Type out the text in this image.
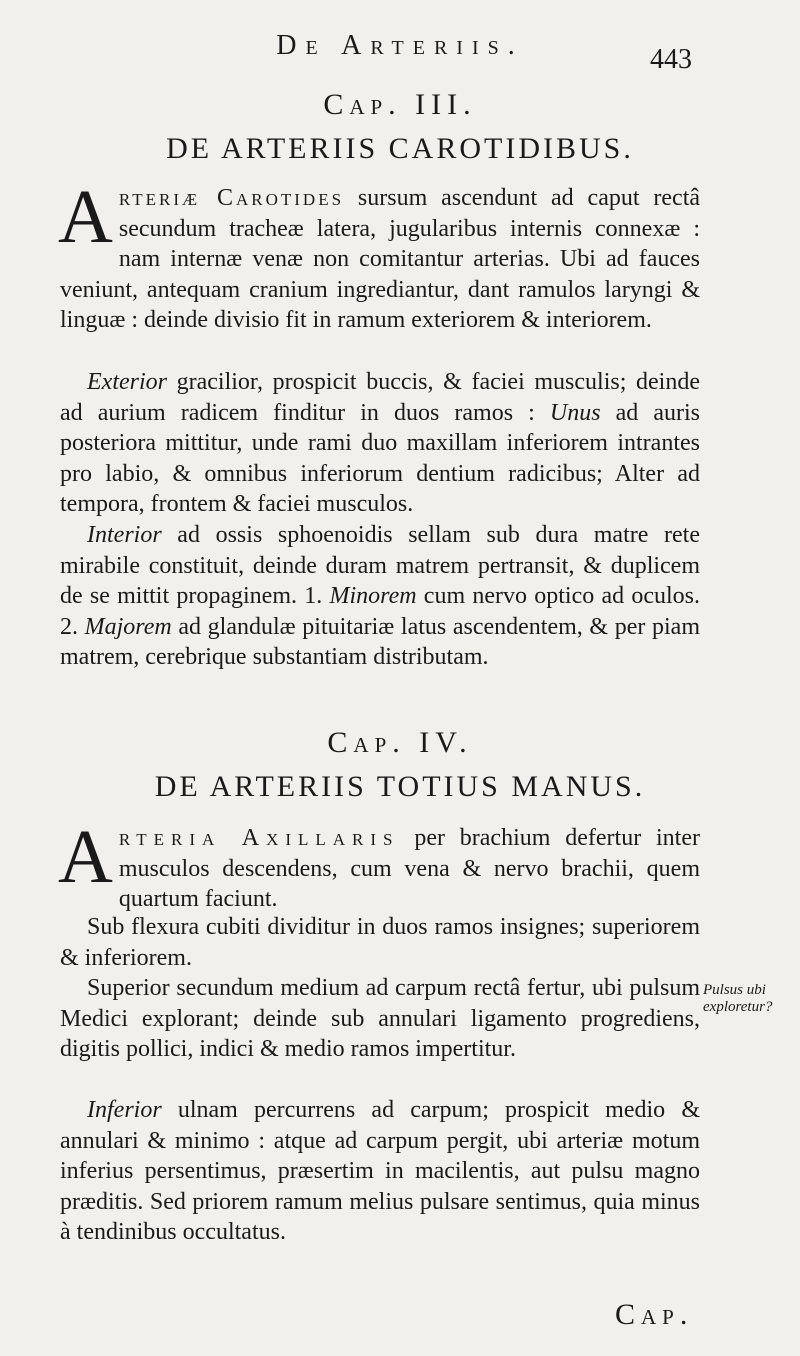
De Arteriis.	443
Cap. III.
DE ARTERIIS CAROTIDIBUS.

Arteriæ Carotides sursum ascendunt ad caput rectâ secundum tracheæ latera, jugularibus internis connexæ : nam internæ venæ non comitantur arterias. Ubi ad fauces veniunt, antequam cranium ingrediantur, dant ramulos laryngi & linguæ : deinde divisio fit in ramum exteriorem & interiorem.

Exterior gracilior, prospicit buccis, & faciei musculis; deinde ad aurium radicem finditur in duos ramos : Unus ad auris posteriora mittitur, unde rami duo maxillam inferiorem intrantes pro labio, & omnibus inferiorum dentium radicibus; Alter ad tempora, frontem & faciei musculos.

Interior ad ossis sphoenoidis sellam sub dura matre rete mirabile constituit, deinde duram matrem pertransit, & duplicem de se mittit propaginem. 1. Minorem cum nervo optico ad oculos. 2. Majorem ad glandulæ pituitariæ latus ascendentem, & per piam matrem, cerebrique substantiam distributam.

Cap. IV.
DE ARTERIIS TOTIUS MANUS.

Arteria Axillaris per brachium defertur inter musculos descendens, cum vena & nervo brachii, quem quartum faciunt.

Sub flexura cubiti dividitur in duos ramos insignes; superiorem & inferiorem.

Superior secundum medium ad carpum rectâ fertur, ubi pulsum Medici explorant; deinde sub annulari ligamento progrediens, digitis pollici, indici & medio ramos impertitur.

Pulsus ubi exploretur?

Inferior ulnam percurrens ad carpum; prospicit medio & annulari & minimo : atque ad carpum pergit, ubi arteriæ motum inferius persentimus, præsertim in macilentis, aut pulsu magno præditis. Sed priorem ramum melius pulsare sentimus, quia minus à tendinibus occultatus.

Cap.
